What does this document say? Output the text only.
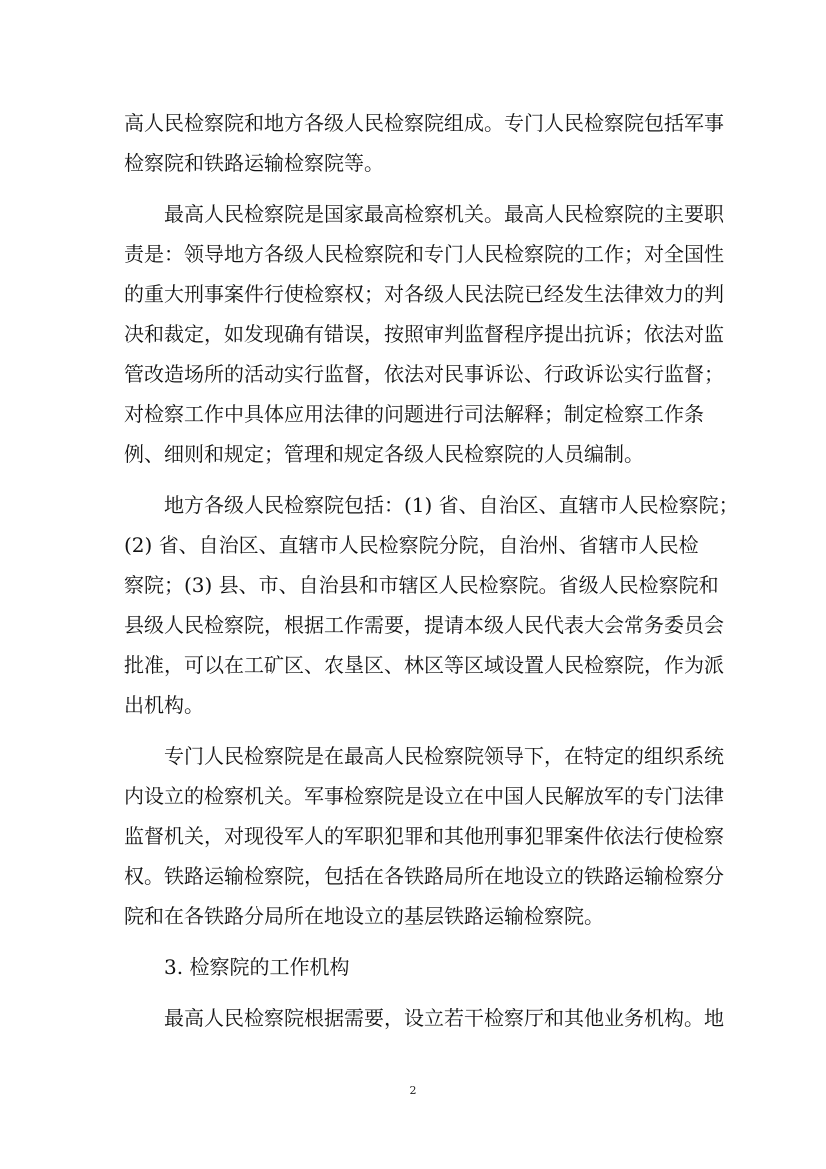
高人民检察院和地方各级人民检察院组成。专门人民检察院包括军事
检察院和铁路运输检察院等。
最高人民检察院是国家最高检察机关。最高人民检察院的主要职
责是：领导地方各级人民检察院和专门人民检察院的工作；对全国性
的重大刑事案件行使检察权；对各级人民法院已经发生法律效力的判
决和裁定，如发现确有错误，按照审判监督程序提出抗诉；依法对监
管改造场所的活动实行监督，依法对民事诉讼、行政诉讼实行监督；
对检察工作中具体应用法律的问题进行司法解释；制定检察工作条
例、细则和规定；管理和规定各级人民检察院的人员编制。
地方各级人民检察院包括：(1) 省、自治区、直辖市人民检察院；
(2) 省、自治区、直辖市人民检察院分院，自治州、省辖市人民检
察院；(3) 县、市、自治县和市辖区人民检察院。省级人民检察院和
县级人民检察院，根据工作需要，提请本级人民代表大会常务委员会
批准，可以在工矿区、农垦区、林区等区域设置人民检察院，作为派
出机构。
专门人民检察院是在最高人民检察院领导下，在特定的组织系统
内设立的检察机关。军事检察院是设立在中国人民解放军的专门法律
监督机关，对现役军人的军职犯罪和其他刑事犯罪案件依法行使检察
权。铁路运输检察院，包括在各铁路局所在地设立的铁路运输检察分
院和在各铁路分局所在地设立的基层铁路运输检察院。
3. 检察院的工作机构
最高人民检察院根据需要，设立若干检察厅和其他业务机构。地
2
